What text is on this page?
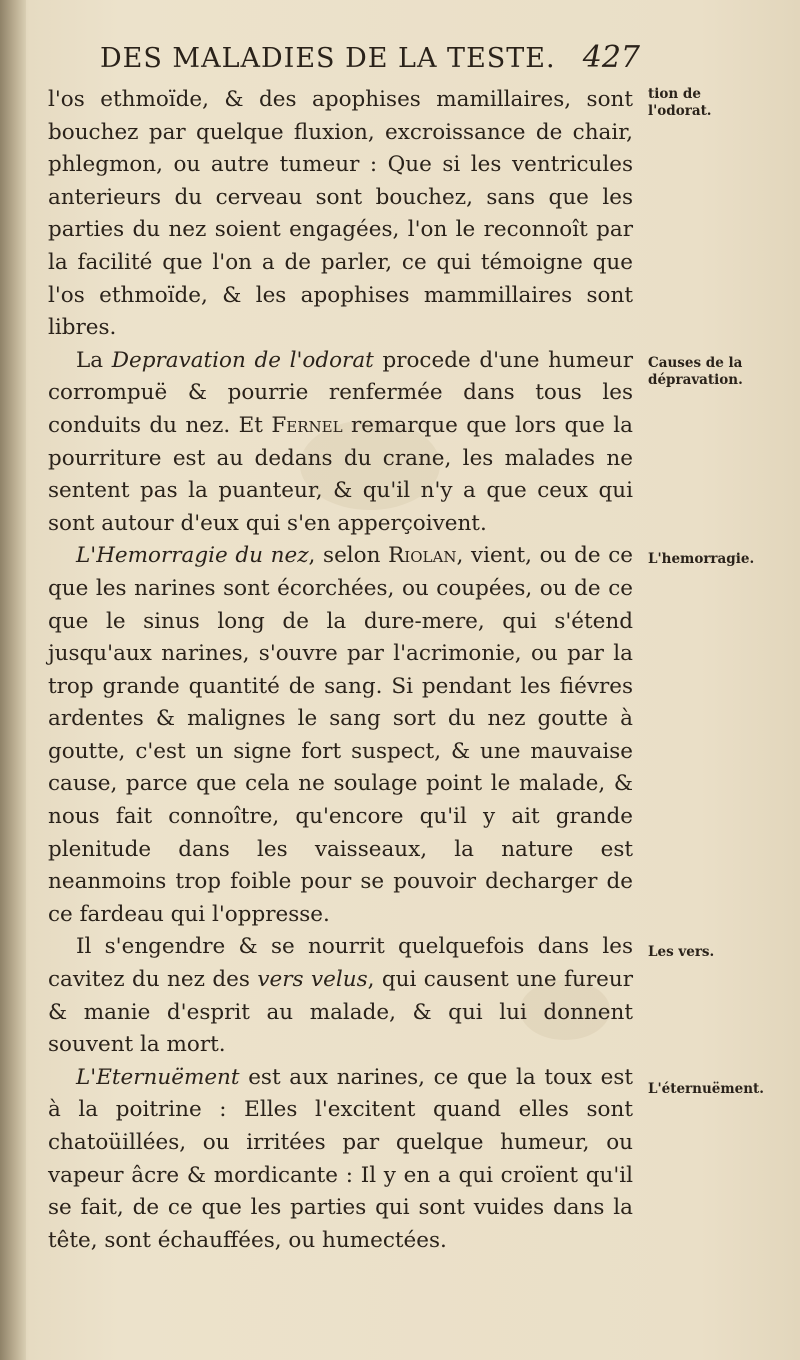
DES MALADIES DE LA TESTE. 427

l'os ethmoïde, & des apophises mamillaires, sont bouchez par quelque fluxion, excroissance de chair, phlegmon, ou autre tumeur : Que si les ventricules anterieurs du cerveau sont bouchez, sans que les parties du nez soient engagées, l'on le reconnoît par la facilité que l'on a de parler, ce qui témoigne que l'os ethmoïde, & les apophises mammillaires sont libres.

La Depravation de l'odorat procede d'une humeur corrompuë & pourrie renfermée dans tous les conduits du nez. Et Fernel remarque que lors que la pourriture est au dedans du crane, les malades ne sentent pas la puanteur, & qu'il n'y a que ceux qui sont autour d'eux qui s'en apperçoivent.

L'Hemorragie du nez, selon Riolan, vient, ou de ce que les narines sont écorchées, ou coupées, ou de ce que le sinus long de la dure-mere, qui s'étend jusqu'aux narines, s'ouvre par l'acrimonie, ou par la trop grande quantité de sang. Si pendant les fiévres ardentes & malignes le sang sort du nez goutte à goutte, c'est un signe fort suspect, & une mauvaise cause, parce que cela ne soulage point le malade, & nous fait connoître, qu'encore qu'il y ait grande plenitude dans les vaisseaux, la nature est neanmoins trop foible pour se pouvoir decharger de ce fardeau qui l'oppresse.

Il s'engendre & se nourrit quelquefois dans les cavitez du nez des vers velus, qui causent une fureur & manie d'esprit au malade, & qui lui donnent souvent la mort.

L'Eternuëment est aux narines, ce que la toux est à la poitrine : Elles l'excitent quand elles sont chatoüillées, ou irritées par quelque humeur, ou vapeur âcre & mordicante : Il y en a qui croïent qu'il se fait, de ce que les parties qui sont vuides dans la tête, sont échauffées, ou humectées.

tion de l'odorat.
Causes de la dépravation.
L'hemorragie.
Les vers.
L'éternuëment.
